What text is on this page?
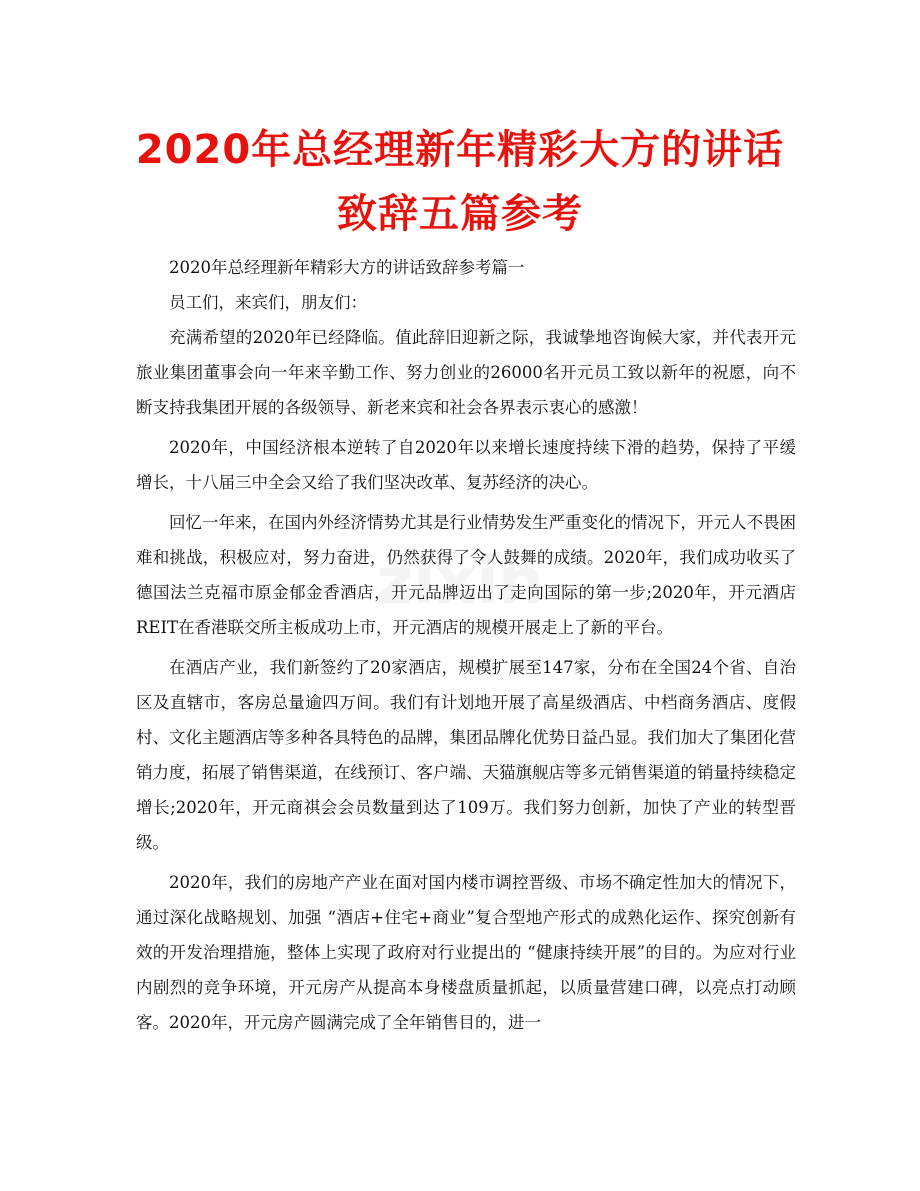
2020年总经理新年精彩大方的讲话致辞五篇参考

2020年总经理新年精彩大方的讲话致辞参考篇一

员工们，来宾们，朋友们：

充满希望的2020年已经降临。值此辞旧迎新之际，我诚挚地咨询候大家，并代表开元旅业集团董事会向一年来辛勤工作、努力创业的26000名开元员工致以新年的祝愿，向不断支持我集团开展的各级领导、新老来宾和社会各界表示衷心的感激！

2020年，中国经济根本逆转了自2020年以来增长速度持续下滑的趋势，保持了平缓增长，十八届三中全会又给了我们坚决改革、复苏经济的决心。

回忆一年来，在国内外经济情势尤其是行业情势发生严重变化的情况下，开元人不畏困难和挑战，积极应对，努力奋进，仍然获得了令人鼓舞的成绩。2020年，我们成功收买了德国法兰克福市原金郁金香酒店，开元品牌迈出了走向国际的第一步;2020年，开元酒店REIT在香港联交所主板成功上市，开元酒店的规模开展走上了新的平台。

在酒店产业，我们新签约了20家酒店，规模扩展至147家，分布在全国24个省、自治区及直辖市，客房总量逾四万间。我们有计划地开展了高星级酒店、中档商务酒店、度假村、文化主题酒店等多种各具特色的品牌，集团品牌化优势日益凸显。我们加大了集团化营销力度，拓展了销售渠道，在线预订、客户端、天猫旗舰店等多元销售渠道的销量持续稳定增长;2020年，开元商祺会会员数量到达了109万。我们努力创新，加快了产业的转型晋级。

2020年，我们的房地产产业在面对国内楼市调控晋级、市场不确定性加大的情况下，通过深化战略规划、加强 “酒店+住宅+商业”复合型地产形式的成熟化运作、探究创新有效的开发治理措施，整体上实现了政府对行业提出的 “健康持续开展”的目的。为应对行业内剧烈的竞争环境，开元房产从提高本身楼盘质量抓起，以质量营建口碑，以亮点打动顾客。2020年，开元房产圆满完成了全年销售目的，进一
